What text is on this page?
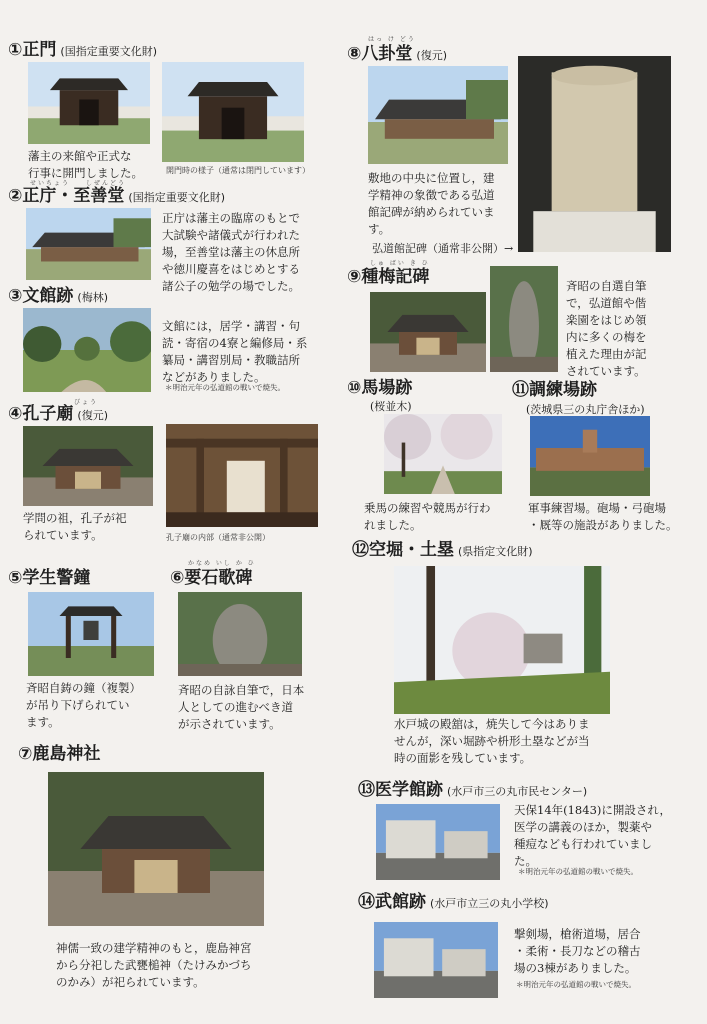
①正門 (国指定重要文化財)
藩主の来館や正式な
行事に開門しました。	開門時の様子（通常は閉門しています）
せいちょう　　しぜんどう
②正庁・至善堂 (国指定重要文化財)
正庁は藩主の臨席のもとで
大試験や諸儀式が行われた
場，至善堂は藩主の休息所
や徳川慶喜をはじめとする
諸公子の勉学の場でした。
③文館跡 (梅林)
文館には，居学・講習・句
読・寄宿の4寮と編修局・系
纂局・講習別局・教職詰所
などがありました。
＊明治元年の弘道館の戦いで焼失。
びょう
④孔子廟 (復元)
学問の祖，孔子が祀
られています。	孔子廟の内部（通常非公開）
⑤学生警鐘
斉昭自鋳の鐘（複製）
が吊り下げられてい
ます。
かなめ いし か ひ
⑥要石歌碑
斉昭の自詠自筆で，日本
人としての進むべき道
が示されています。
⑦鹿島神社
神儒一致の建学精神のもと，鹿島神宮
から分祀した武甕槌神（たけみかづち
のかみ）が祀られています。
はっ け どう
⑧八卦堂 (復元)
敷地の中央に位置し，建
学精神の象徴である弘道
館記碑が納められていま
す。
弘道館記碑（通常非公開）→
しゅ ばい き ひ
⑨種梅記碑	斉昭の自選自筆
で，弘道館や偕
楽園をはじめ領
内に多くの梅を
植えた理由が記
されています。
⑩馬場跡
(桜並木)
乗馬の練習や競馬が行わ
れました。
⑪調練場跡
(茨城県三の丸庁舎ほか)
軍事練習場。砲場・弓砲場
・厩等の施設がありました。
⑫空堀・土塁 (県指定文化財)
水戸城の殿舘は，焼失して今はありま
せんが，深い堀跡や枡形土塁などが当
時の面影を残しています。
⑬医学館跡 (水戸市三の丸市民センター)
天保14年(1843)に開設され，
医学の講義のほか，製薬や
種痘なども行われていまし
た。
＊明治元年の弘道館の戦いで焼失。
⑭武館跡 (水戸市立三の丸小学校)
撃剣場，槍術道場，居合
・柔術・長刀などの稽古
場の3棟がありました。
＊明治元年の弘道館の戦いで焼失。
